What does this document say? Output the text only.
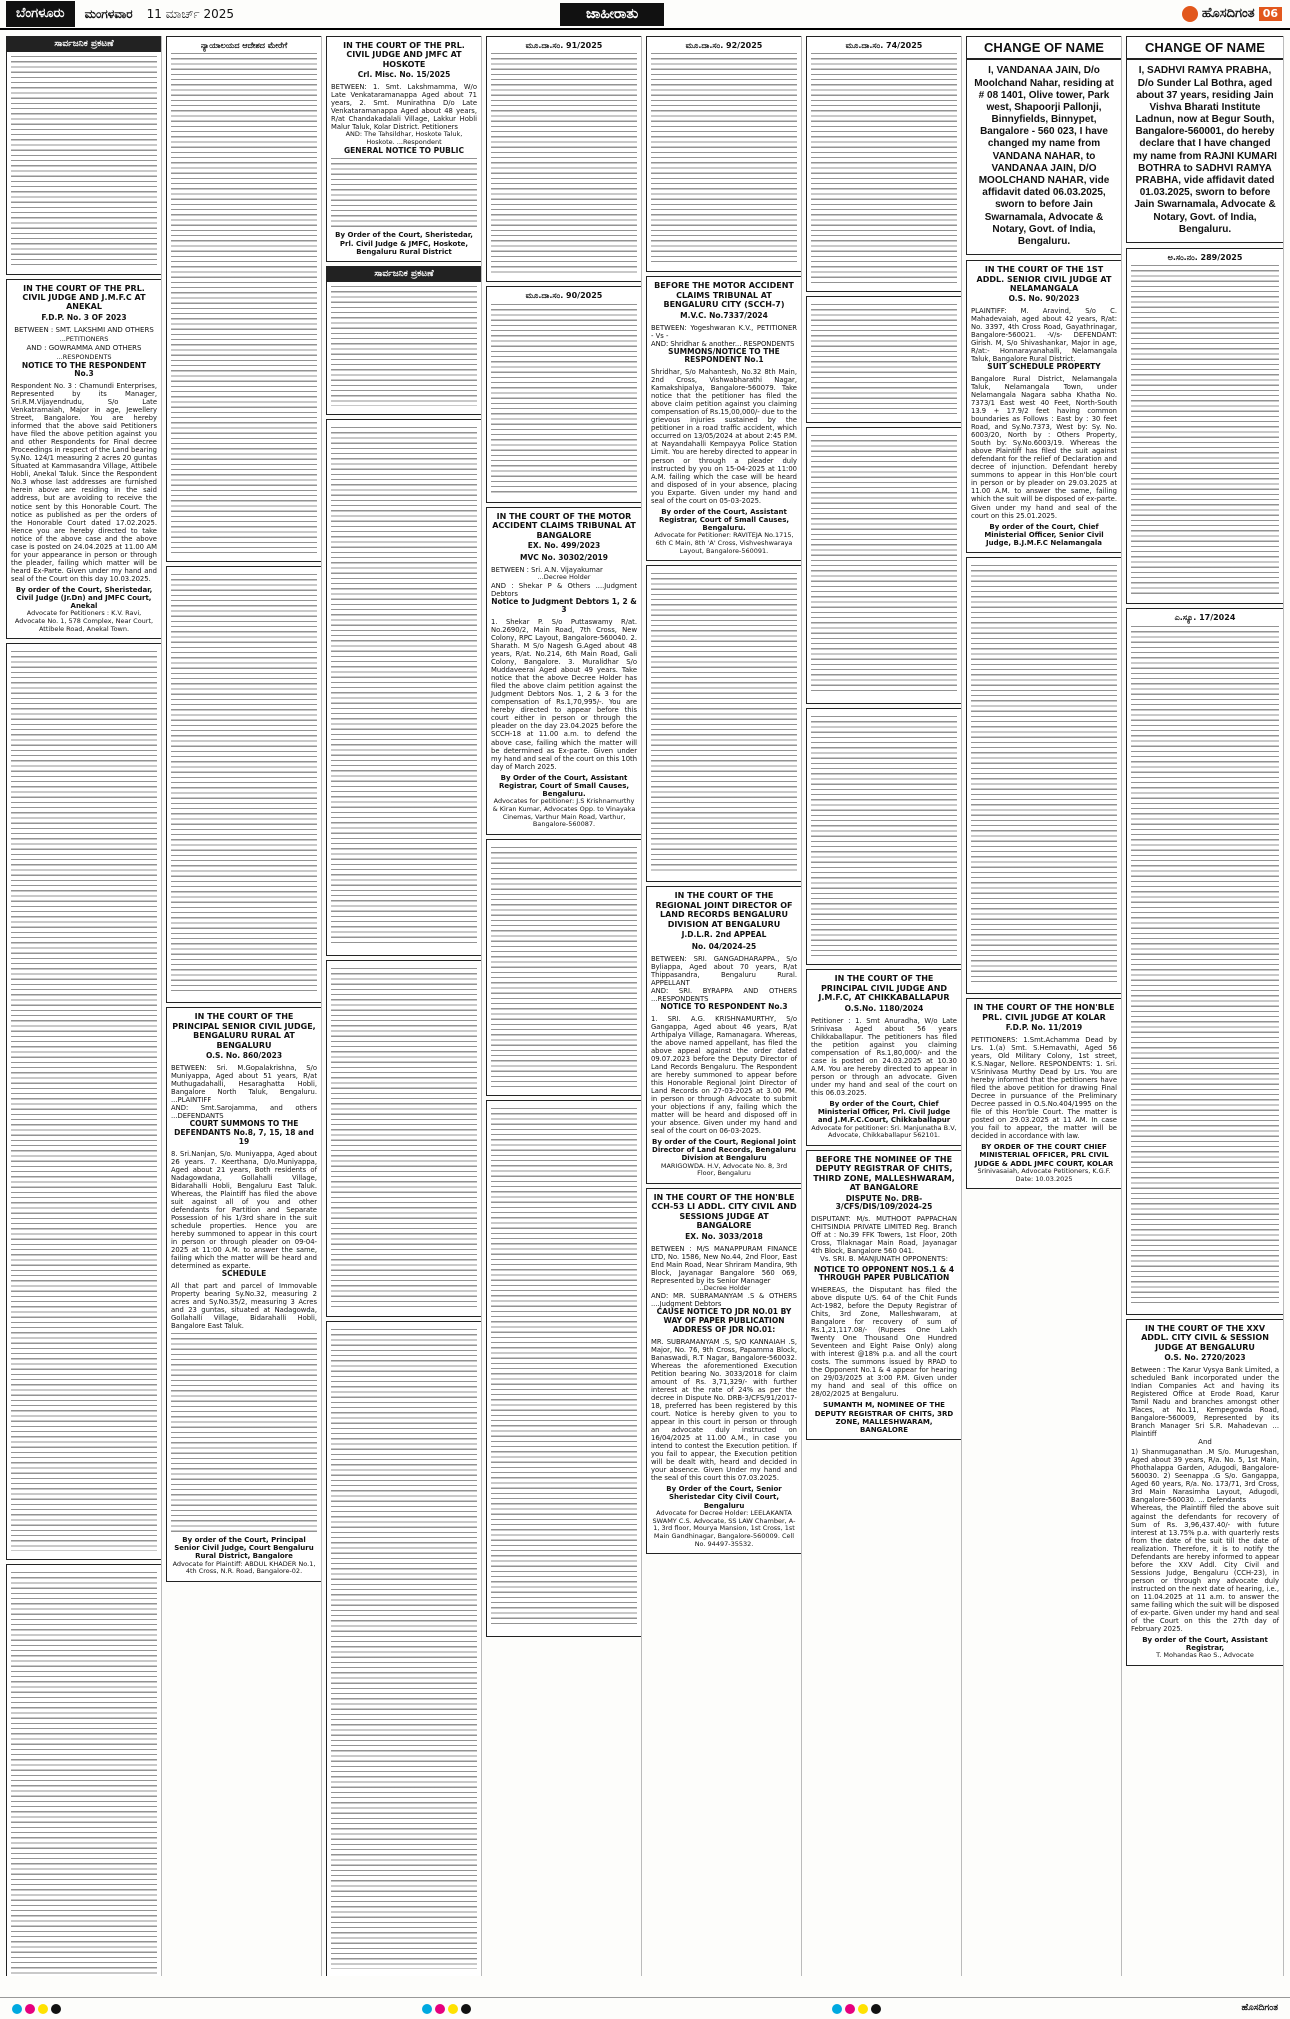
ಬೆಂಗಳೂರು	ಮಂಗಳವಾರ 11 ಮಾರ್ಚ್ 2025	ಜಾಹೀರಾತು	ಹೊಸದಿಗಂತ 06
ಸಾರ್ವಜನಿಕ ಪ್ರಕಟಣೆ
IN THE COURT OF THE PRL. CIVIL JUDGE AND J.M.F.C AT ANEKAL
F.D.P. No. 3 OF 2023
BETWEEN : SMT. LAKSHMI AND OTHERS
...PETITIONERS
AND : GOWRAMMA AND OTHERS
...RESPONDENTS
NOTICE TO THE RESPONDENT No.3
Respondent No. 3 : Chamundi Enterprises, Represented by its Manager, Sri.R.M.Vijayendrudu, S/o Late Venkatramaiah, Major in age, Jewellery Street, Bangalore. You are hereby informed that the above said Petitioners have filed the above petition against you and other Respondents for Final decree Proceedings in respect of the Land bearing Sy.No. 124/1 measuring 2 acres 20 guntas Situated at Kammasandra Village, Attibele Hobli, Anekal Taluk. Since the Respondent No.3 whose last addresses are furnished herein above are residing in the said address, but are avoiding to receive the notice sent by this Honorable Court. The notice as published as per the orders of the Honorable Court dated 17.02.2025. Hence you are hereby directed to take notice of the above case and the above case is posted on 24.04.2025 at 11.00 AM for your appearance in person or through the pleader, failing which matter will be heard Ex-Parte. Given under my hand and seal of the Court on this day 10.03.2025.
By order of the Court, Sheristedar, Civil Judge (Jr.Dn) and JMFC Court, Anekal
Advocate for Petitioners : K.V. Ravi, Advocate No. 1, 578 Complex, Near Court, Attibele Road, Anekal Town.
ನ್ಯಾಯಾಲಯದ ಆದೇಶದ ಮೇರೆಗೆ
IN THE COURT OF THE PRINCIPAL SENIOR CIVIL JUDGE, BENGALURU RURAL AT BENGALURU
O.S. No. 860/2023
BETWEEN: Sri. M.Gopalakrishna, S/o Muniyappa, Aged about 51 years, R/at Muthugadahalli, Hesaraghatta Hobli, Bangalore North Taluk, Bengaluru. ...PLAINTIFF
AND: Smt.Sarojamma, and others ...DEFENDANTS
COURT SUMMONS TO THE DEFENDANTS No.8, 7, 15, 18 and 19
8. Sri.Nanjan, S/o. Muniyappa, Aged about 26 years. 7. Keerthana, D/o.Muniyappa, Aged about 21 years, Both residents of Nadagowdana, Gollahalli Village, Bidarahalli Hobli, Bengaluru East Taluk. Whereas, the Plaintiff has filed the above suit against all of you and other defendants for Partition and Separate Possession of his 1/3rd share in the suit schedule properties. Hence you are hereby summoned to appear in this court in person or through pleader on 09-04-2025 at 11:00 A.M. to answer the same, failing which the matter will be heard and determined as exparte.
SCHEDULE
All that part and parcel of Immovable Property bearing Sy.No.32, measuring 2 acres and Sy.No.35/2, measuring 3 Acres and 23 guntas, situated at Nadagowda, Gollahalli Village, Bidarahalli Hobli, Bangalore East Taluk.
By order of the Court, Principal Senior Civil Judge, Court Bengaluru Rural District, Bangalore
Advocate for Plaintiff: ABDUL KHADER No.1, 4th Cross, N.R. Road, Bangalore-02.
IN THE COURT OF THE PRL. CIVIL JUDGE AND JMFC AT HOSKOTE
Crl. Misc. No. 15/2025
BETWEEN: 1. Smt. Lakshmamma, W/o Late Venkataramanappa Aged about 71 years, 2. Smt. Munirathna D/o Late Venkataramanappa Aged about 48 years, R/at Chandakadalali Village, Lakkur Hobli Malur Taluk, Kolar District. Petitioners
AND: The Tahsildhar, Hoskote Taluk, Hoskote. ...Respondent
GENERAL NOTICE TO PUBLIC
By Order of the Court, Sheristedar, Prl. Civil Judge & JMFC, Hoskote, Bengaluru Rural District
ಸಾರ್ವಜನಿಕ ಪ್ರಕಟಣೆ
ಮೂ.ದಾ.ಸಂ. 91/2025
ಮೂ.ದಾ.ಸಂ. 90/2025
IN THE COURT OF THE MOTOR ACCIDENT CLAIMS TRIBUNAL AT BANGALORE
EX. No. 499/2023
MVC No. 30302/2019
BETWEEN : Sri. A.N. Vijayakumar
...Decree Holder
AND : Shekar P & Others ....Judgment Debtors
Notice to Judgment Debtors 1, 2 & 3
1. Shekar P. S/o Puttaswamy R/at. No.2690/2, Main Road, 7th Cross, New Colony, RPC Layout, Bangalore-560040. 2. Sharath. M S/o Nagesh G.Aged about 48 years, R/at. No.214, 6th Main Road, Gali Colony, Bangalore. 3. Muralidhar S/o Muddaveerai Aged about 49 years. Take notice that the above Decree Holder has filed the above claim petition against the Judgment Debtors Nos. 1, 2 & 3 for the compensation of Rs.1,70,995/-. You are hereby directed to appear before this court either in person or through the pleader on the day 23.04.2025 before the SCCH-18 at 11.00 a.m. to defend the above case, failing which the matter will be determined as Ex-parte. Given under my hand and seal of the court on this 10th day of March 2025.
By Order of the Court, Assistant Registrar, Court of Small Causes, Bengaluru.
Advocates for petitioner: J.S Krishnamurthy & Kiran Kumar, Advocates Opp. to Vinayaka Cinemas, Varthur Main Road, Varthur, Bangalore-560087.
ಮೂ.ದಾ.ಸಂ. 92/2025
BEFORE THE MOTOR ACCIDENT CLAIMS TRIBUNAL AT BENGALURU CITY (SCCH-7)
M.V.C. No.7337/2024
BETWEEN: Yogeshwaran K.V., PETITIONER - Vs -
AND: Shridhar & another... RESPONDENTS
SUMMONS/NOTICE TO THE RESPONDENT No.1
Shridhar, S/o Mahantesh, No.32 8th Main, 2nd Cross, Vishwabharathi Nagar, Kamakshipalya, Bangalore-560079. Take notice that the petitioner has filed the above claim petition against you claiming compensation of Rs.15,00,000/- due to the grievous injuries sustained by the petitioner in a road traffic accident, which occurred on 13/05/2024 at about 2:45 P.M. at Nayandahalli Kempayya Police Station Limit. You are hereby directed to appear in person or through a pleader duly instructed by you on 15-04-2025 at 11:00 A.M. failing which the case will be heard and disposed of in your absence, placing you Exparte. Given under my hand and seal of the court on 05-03-2025.
By order of the Court, Assistant Registrar, Court of Small Causes, Bengaluru.
Advocate for Petitioner: RAVITEJA No.1715, 6th C Main, 8th 'A' Cross, Vishveshwaraya Layout, Bangalore-560091.
IN THE COURT OF THE REGIONAL JOINT DIRECTOR OF LAND RECORDS BENGALURU DIVISION AT BENGALURU
J.D.L.R. 2nd APPEAL
No. 04/2024-25
BETWEEN: SRI. GANGADHARAPPA., S/o Byliappa, Aged about 70 years, R/at Thippasandra, Bengaluru Rural. APPELLANT
AND: SRI. BYRAPPA AND OTHERS ...RESPONDENTS
NOTICE TO RESPONDENT No.3
1. SRI. A.G. KRISHNAMURTHY, S/o Gangappa, Aged about 46 years, R/at Arthipalya Village, Ramanagara. Whereas, the above named appellant, has filed the above appeal against the order dated 09.07.2023 before the Deputy Director of Land Records Bengaluru. The Respondent are hereby summoned to appear before this Honorable Regional Joint Director of Land Records on 27-03-2025 at 3.00 PM. in person or through Advocate to submit your objections if any, failing which the matter will be heard and disposed off in your absence. Given under my hand and seal of the court on 06-03-2025.
By order of the Court, Regional Joint Director of Land Records, Bengaluru Division at Bengaluru
MARIGOWDA. H.V, Advocate No. 8, 3rd Floor, Bengaluru
IN THE COURT OF THE HON'BLE CCH-53 LI ADDL. CITY CIVIL AND SESSIONS JUDGE AT BANGALORE
EX. No. 3033/2018
BETWEEN : M/S MANAPPURAM FINANCE LTD, No. 1586, New No.44, 2nd Floor, East End Main Road, Near Shriram Mandira, 9th Block, Jayanagar Bangalore 560 069, Represented by its Senior Manager
...Decree Holder
AND: MR. SUBRAMANYAM .S & OTHERS ....Judgment Debtors
CAUSE NOTICE TO JDR NO.01 BY WAY OF PAPER PUBLICATION ADDRESS OF JDR NO.01:
MR. SUBRAMANYAM .S, S/O KANNAIAH .S, Major, No. 76, 9th Cross, Papamma Block, Banaswadi, R.T Nagar, Bangalore-560032. Whereas the aforementioned Execution Petition bearing No. 3033/2018 for claim amount of Rs. 3,71,329/- with further interest at the rate of 24% as per the decree in Dispute No. DRB-3/CFS/91/2017-18, preferred has been registered by this court. Notice is hereby given to you to appear in this court in person or through an advocate duly instructed on 16/04/2025 at 11.00 A.M., in case you intend to contest the Execution petition. If you fail to appear, the Execution petition will be dealt with, heard and decided in your absence. Given Under my hand and the seal of this court this 07.03.2025.
By Order of the Court, Senior Sheristedar City Civil Court, Bengaluru
Advocate for Decree Holder: LEELAKANTA SWAMY C.S. Advocate, SS LAW Chamber, A-1, 3rd floor, Mourya Mansion, 1st Cross, 1st Main Gandhinagar, Bangalore-560009. Cell No. 94497-35532.
ಮೂ.ದಾ.ಸಂ. 74/2025
IN THE COURT OF THE PRINCIPAL CIVIL JUDGE AND J.M.F.C, AT CHIKKABALLAPUR
O.S.No. 1180/2024
Petitioner : 1. Smt Anuradha, W/o Late Srinivasa Aged about 56 years Chikkaballapur. The petitioners has filed the petition against you claiming compensation of Rs.1,80,000/- and the case is posted on 24.03.2025 at 10.30 A.M. You are hereby directed to appear in person or through an advocate. Given under my hand and seal of the court on this 06.03.2025.
By order of the Court, Chief Ministerial Officer, Prl. Civil Judge and J.M.F.C.Court, Chikkaballapur
Advocate for petitioner: Sri. Manjunatha B.V, Advocate, Chikkaballapur 562101.
BEFORE THE NOMINEE OF THE DEPUTY REGISTRAR OF CHITS, THIRD ZONE, MALLESHWARAM, AT BANGALORE
DISPUTE No. DRB-3/CFS/DIS/109/2024-25
DISPUTANT: M/s. MUTHOOT PAPPACHAN CHITSINDIA PRIVATE LIMITED Reg. Branch Off at : No.39 FFK Towers, 1st Floor, 20th Cross, Tilaknagar Main Road, Jayanagar 4th Block, Bangalore 560 041.
Vs. SRI. B. MANJUNATH OPPONENTS:
NOTICE TO OPPONENT NOS.1 & 4 THROUGH PAPER PUBLICATION
WHEREAS, the Disputant has filed the above dispute U/S. 64 of the Chit Funds Act-1982, before the Deputy Registrar of Chits, 3rd Zone, Malleshwaram, at Bangalore for recovery of sum of Rs.1,21,117.08/- (Rupees One Lakh Twenty One Thousand One Hundred Seventeen and Eight Paise Only) along with interest @18% p.a. and all the court costs. The summons issued by RPAD to the Opponent No.1 & 4 appear for hearing on 29/03/2025 at 3:00 P.M. Given under my hand and seal of this office on 28/02/2025 at Bengaluru.
SUMANTH M, NOMINEE OF THE DEPUTY REGISTRAR OF CHITS, 3RD ZONE, MALLESHWARAM, BANGALORE
CHANGE OF NAME
I, VANDANAA JAIN, D/o Moolchand Nahar, residing at # 08 1401, Olive tower, Park west, Shapoorji Pallonji, Binnyfields, Binnypet, Bangalore - 560 023, I have changed my name from VANDANA NAHAR, to VANDANAA JAIN, D/O MOOLCHAND NAHAR, vide affidavit dated 06.03.2025, sworn to before Jain Swarnamala, Advocate & Notary, Govt. of India, Bengaluru.
IN THE COURT OF THE 1ST ADDL. SENIOR CIVIL JUDGE AT NELAMANGALA
O.S. No. 90/2023
PLAINTIFF: M. Aravind, S/o C. Mahadevaiah, aged about 42 years, R/at: No. 3397, 4th Cross Road, Gayathrinagar, Bangalore-560021. -V/s- DEFENDANT: Girish. M, S/o Shivashankar, Major in age, R/at:- Honnarayanahalli, Nelamangala Taluk, Bangalore Rural District.
SUIT SCHEDULE PROPERTY
Bangalore Rural District, Nelamangala Taluk, Nelamangala Town, under Nelamangala Nagara sabha Khatha No. 7373/1 East west 40 Feet, North-South 13.9 + 17.9/2 feet having common boundaries as Follows : East by : 30 feet Road, and Sy.No.7373, West by: Sy. No. 6003/20, North by : Others Property, South by: Sy.No.6003/19. Whereas the above Plaintiff has filed the suit against defendant for the relief of Declaration and decree of injunction. Defendant hereby summons to appear in this Hon'ble court in person or by pleader on 29.03.2025 at 11.00 A.M. to answer the same, failing which the suit will be disposed of ex-parte. Given under my hand and seal of the court on this 25.01.2025.
By order of the Court, Chief Ministerial Officer, Senior Civil Judge, B.J.M.F.C Nelamangala
IN THE COURT OF THE HON'BLE PRL. CIVIL JUDGE AT KOLAR
F.D.P. No. 11/2019
PETITIONERS: 1.Smt.Achamma Dead by Lrs. 1.(a) Smt. S.Hemavathi, Aged 56 years, Old Military Colony, 1st street, K.S.Nagar, Nellore. RESPONDENTS: 1. Sri. V.Srinivasa Murthy Dead by Lrs. You are hereby informed that the petitioners have filed the above petition for drawing Final Decree in pursuance of the Preliminary Decree passed in O.S.No.404/1995 on the file of this Hon'ble Court. The matter is posted on 29.03.2025 at 11 AM. In case you fail to appear, the matter will be decided in accordance with law.
BY ORDER OF THE COURT CHIEF MINISTERIAL OFFICER, PRL CIVIL JUDGE & ADDL JMFC COURT, KOLAR
Srinivasaiah, Advocate Petitioners, K.G.F. Date: 10.03.2025
CHANGE OF NAME
I, SADHVI RAMYA PRABHA, D/o Sunder Lal Bothra, aged about 37 years, residing Jain Vishva Bharati Institute Ladnun, now at Begur South, Bangalore-560001, do hereby declare that I have changed my name from RAJNI KUMARI BOTHRA to SADHVI RAMYA PRABHA, vide affidavit dated 01.03.2025, sworn to before Jain Swarnamala, Advocate & Notary, Govt. of India, Bengaluru.
ಅ.ಸಂ.ನಂ. 289/2025
ಎ.ಸ್ಯೂ. 17/2024
IN THE COURT OF THE XXV ADDL. CITY CIVIL & SESSION JUDGE AT BENGALURU
O.S. No. 2720/2023
Between : The Karur Vysya Bank Limited, a scheduled Bank incorporated under the Indian Companies Act and having its Registered Office at Erode Road, Karur Tamil Nadu and branches amongst other Places, at No.11, Kempegowda Road, Bangalore-560009, Represented by its Branch Manager Sri S.R. Mahadevan ... Plaintiff
And
1) Shanmuganathan .M S/o. Murugeshan, Aged about 39 years, R/a. No. 5, 1st Main, Phothalappa Garden, Adugodi, Bangalore-560030. 2) Seenappa .G S/o. Gangappa, Aged 60 years, R/a. No. 173/71, 3rd Cross, 3rd Main Narasimha Layout, Adugodi, Bangalore-560030. ... Defendants
Whereas, the Plaintiff filed the above suit against the defendants for recovery of Sum of Rs. 3,96,437.40/- with future interest at 13.75% p.a. with quarterly rests from the date of the suit till the date of realization. Therefore, it is to notify the Defendants are hereby informed to appear before the XXV Addl. City Civil and Sessions Judge, Bengaluru (CCH-23), in person or through any advocate duly instructed on the next date of hearing, i.e., on 11.04.2025 at 11 a.m. to answer the same failing which the suit will be disposed of ex-parte. Given under my hand and seal of the Court on this the 27th day of February 2025.
By order of the Court, Assistant Registrar,
T. Mohandas Rao S., Advocate
ಹೊಸದಿಗಂತ
